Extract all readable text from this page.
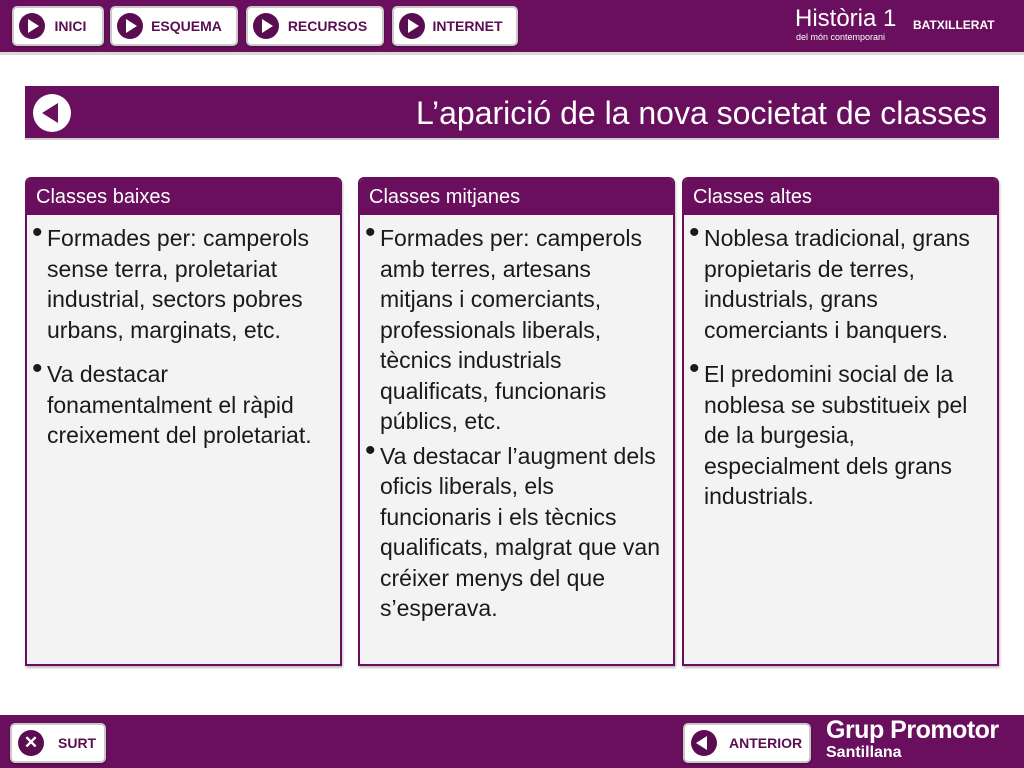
INICI	ESQUEMA	RECURSOS	INTERNET	Història 1 BATXILLERAT
del món contemporani
L’aparició de la nova societat de classes
Classes baixes
• Formades per: camperols sense terra, proletariat industrial, sectors pobres urbans, marginats, etc.
• Va destacar fonamentalment el ràpid creixement del proletariat.
Classes mitjanes
• Formades per: camperols amb terres, artesans mitjans i comerciants, professionals liberals, tècnics industrials qualificats, funcionaris públics, etc.
• Va destacar l’augment dels oficis liberals, els funcionaris i els tècnics qualificats, malgrat que van créixer menys del que s’esperava.
Classes altes
• Noblesa tradicional, grans propietaris de terres, industrials, grans comerciants i banquers.
• El predomini social de la noblesa se substitueix pel de la burgesia, especialment dels grans industrials.
✕	SURT	ANTERIOR Grup Promotor
Santillana
